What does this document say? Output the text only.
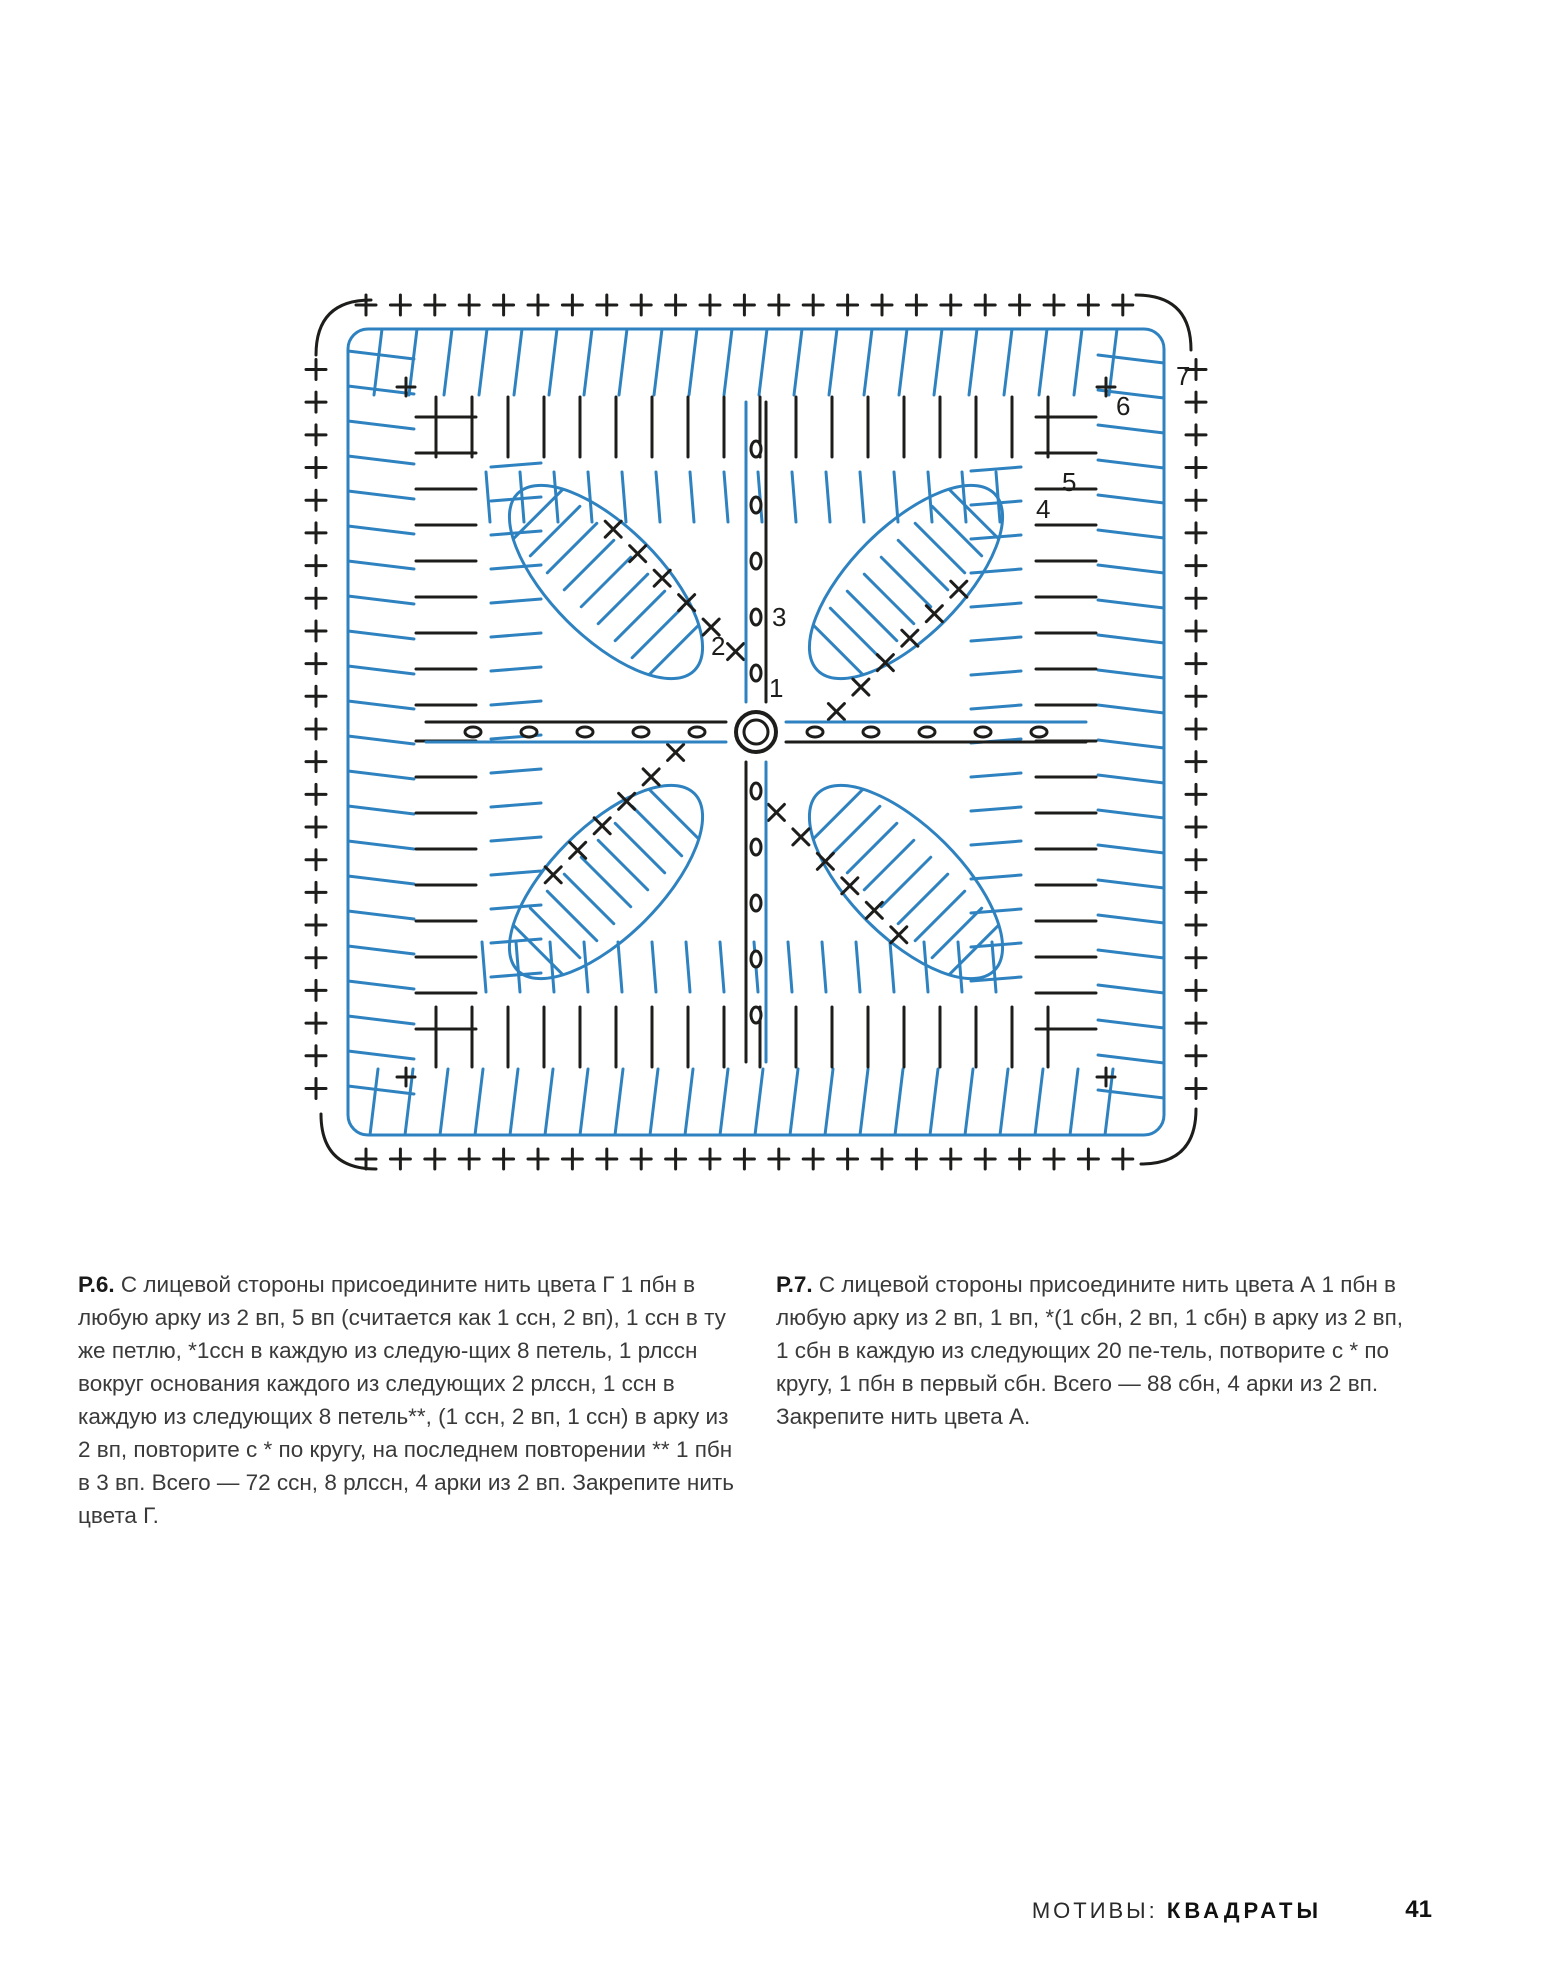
1
2
3
4
5
6
7
Р.6. С лицевой стороны присоедините нить цвета Г 1 пбн в любую арку из 2 вп, 5 вп (считается как 1 ссн, 2 вп), 1 ссн в ту же петлю, *1ссн в каждую из следую-щих 8 петель, 1 рлссн вокруг основания каждого из следующих 2 рлссн, 1 ссн в каждую из следующих 8 петель**, (1 ссн, 2 вп, 1 ссн) в арку из 2 вп, повторите с * по кругу, на последнем повторении ** 1 пбн в 3 вп. Всего — 72 ссн, 8 рлссн, 4 арки из 2 вп. Закрепите нить цвета Г.
Р.7. С лицевой стороны присоедините нить цвета А 1 пбн в любую арку из 2 вп, 1 вп, *(1 сбн, 2 вп, 1 сбн) в арку из 2 вп, 1 сбн в каждую из следующих 20 пе-тель, потворите с * по кругу, 1 пбн в первый сбн. Всего — 88 сбн, 4 арки из 2 вп. Закрепите нить цвета А.
МОТИВЫ: КВАДРАТЫ	41
